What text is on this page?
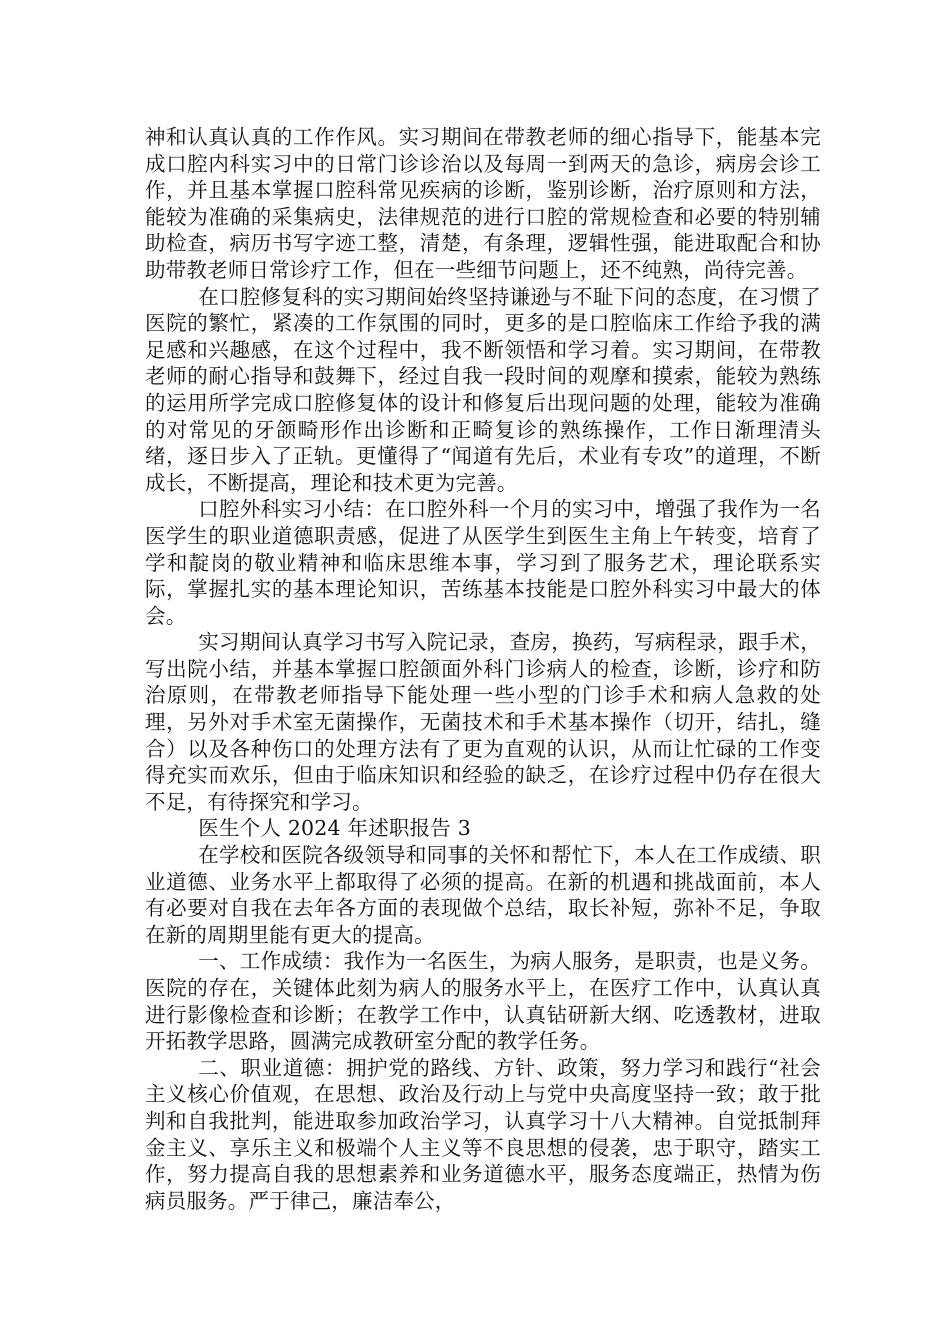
神和认真认真的工作作风。实习期间在带教老师的细心指导下，能基本完成口腔内科实习中的日常门诊诊治以及每周一到两天的急诊，病房会诊工作，并且基本掌握口腔科常见疾病的诊断，鉴别诊断，治疗原则和方法，能较为准确的采集病史，法律规范的进行口腔的常规检查和必要的特别辅助检查，病历书写字迹工整，清楚，有条理，逻辑性强，能进取配合和协助带教老师日常诊疗工作，但在一些细节问题上，还不纯熟，尚待完善。

在口腔修复科的实习期间始终坚持谦逊与不耻下问的态度，在习惯了医院的繁忙，紧凑的工作氛围的同时，更多的是口腔临床工作给予我的满足感和兴趣感，在这个过程中，我不断领悟和学习着。实习期间，在带教老师的耐心指导和鼓舞下，经过自我一段时间的观摩和摸索，能较为熟练的运用所学完成口腔修复体的设计和修复后出现问题的处理，能较为准确的对常见的牙颌畸形作出诊断和正畸复诊的熟练操作，工作日渐理清头绪，逐日步入了正轨。更懂得了“闻道有先后，术业有专攻”的道理，不断成长，不断提高，理论和技术更为完善。

口腔外科实习小结：在口腔外科一个月的实习中，增强了我作为一名医学生的职业道德职责感，促进了从医学生到医生主角上午转变，培育了学和靛岗的敬业精神和临床思维本事，学习到了服务艺术，理论联系实际，掌握扎实的基本理论知识，苦练基本技能是口腔外科实习中最大的体会。

实习期间认真学习书写入院记录，查房，换药，写病程录，跟手术，写出院小结，并基本掌握口腔颌面外科门诊病人的检查，诊断，诊疗和防治原则，在带教老师指导下能处理一些小型的门诊手术和病人急救的处理，另外对手术室无菌操作，无菌技术和手术基本操作（切开，结扎，缝合）以及各种伤口的处理方法有了更为直观的认识，从而让忙碌的工作变得充实而欢乐，但由于临床知识和经验的缺乏，在诊疗过程中仍存在很大不足，有待探究和学习。

医生个人 2024 年述职报告 3

在学校和医院各级领导和同事的关怀和帮忙下，本人在工作成绩、职业道德、业务水平上都取得了必须的提高。在新的机遇和挑战面前，本人有必要对自我在去年各方面的表现做个总结，取长补短，弥补不足，争取在新的周期里能有更大的提高。

一、工作成绩：我作为一名医生，为病人服务，是职责，也是义务。医院的存在，关键体此刻为病人的服务水平上，在医疗工作中，认真认真进行影像检查和诊断；在教学工作中，认真钻研新大纲、吃透教材，进取开拓教学思路，圆满完成教研室分配的教学任务。

二、职业道德：拥护党的路线、方针、政策，努力学习和践行“社会主义核心价值观，在思想、政治及行动上与党中央高度坚持一致；敢于批判和自我批判，能进取参加政治学习，认真学习十八大精神。自觉抵制拜金主义、享乐主义和极端个人主义等不良思想的侵袭，忠于职守，踏实工作，努力提高自我的思想素养和业务道德水平，服务态度端正，热情为伤病员服务。严于律己，廉洁奉公，
